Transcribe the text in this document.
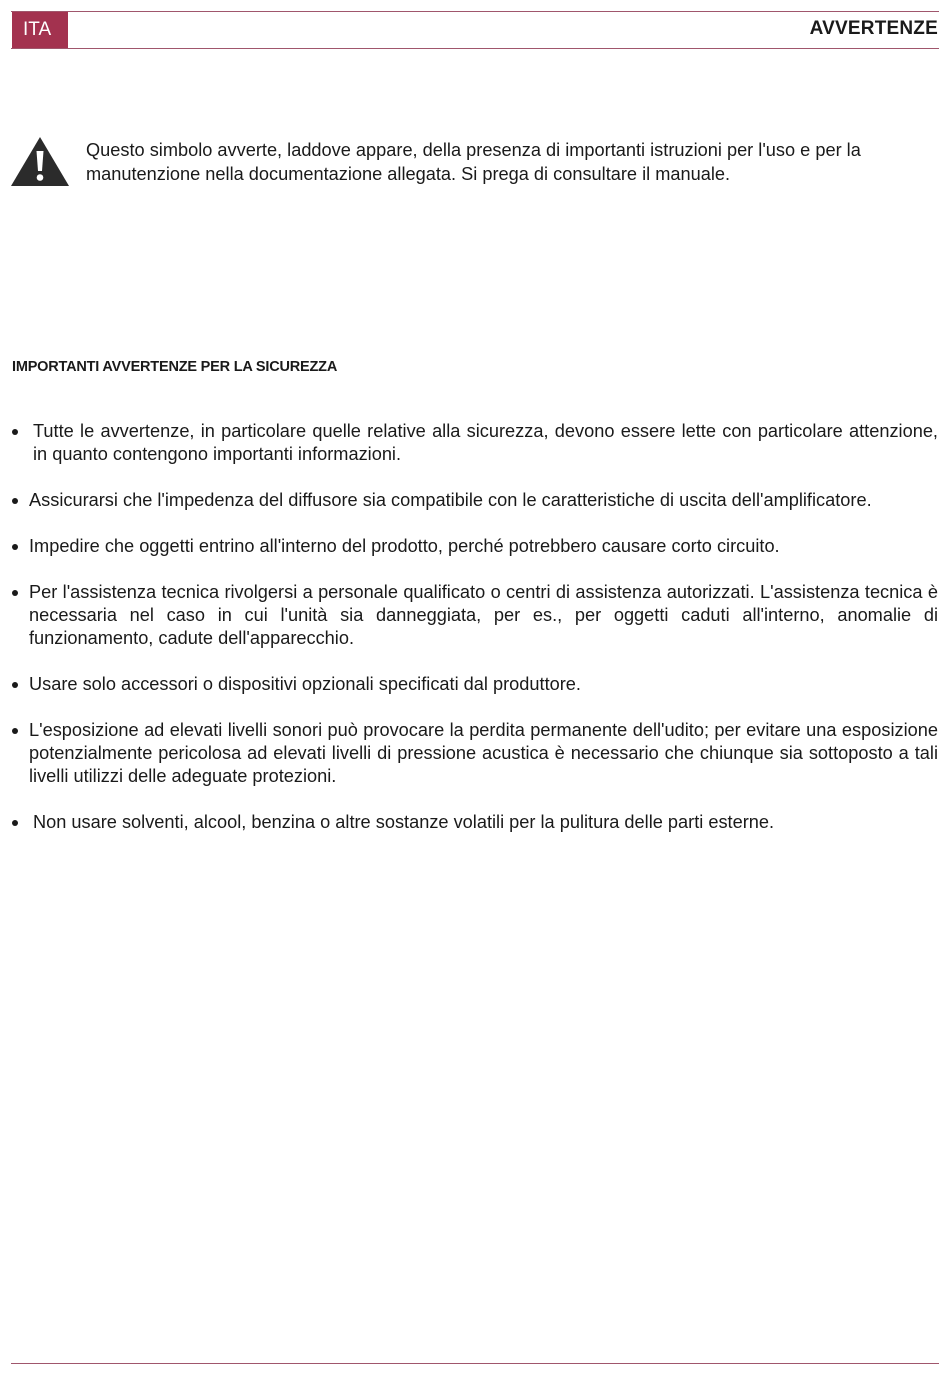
ITA	AVVERTENZE
Questo simbolo avverte, laddove appare, della presenza di importanti istruzioni per l'uso e per la manutenzione nella documentazione allegata. Si prega di consultare il manuale.
IMPORTANTI AVVERTENZE PER LA SICUREZZA
Tutte le avvertenze, in particolare quelle relative alla sicurezza, devono essere lette con particolare attenzione, in quanto contengono importanti informazioni.
Assicurarsi che l'impedenza del diffusore sia compatibile con le caratteristiche di uscita dell'amplificatore.
Impedire che oggetti entrino all'interno del prodotto, perché potrebbero causare corto circuito.
Per l'assistenza tecnica rivolgersi a personale qualificato o centri di assistenza autorizzati. L'assistenza tecnica è necessaria nel caso in cui l'unità sia danneggiata, per es., per oggetti caduti all'interno, anomalie di funzionamento, cadute dell'apparecchio.
Usare solo accessori o dispositivi opzionali specificati dal produttore.
L'esposizione ad elevati livelli sonori può provocare la perdita permanente dell'udito; per evitare una esposizione potenzialmente pericolosa ad elevati livelli di pressione acustica è necessario che chiunque sia sottoposto a tali livelli utilizzi delle adeguate protezioni.
Non usare solventi, alcool, benzina o altre sostanze volatili per la pulitura delle parti esterne.
